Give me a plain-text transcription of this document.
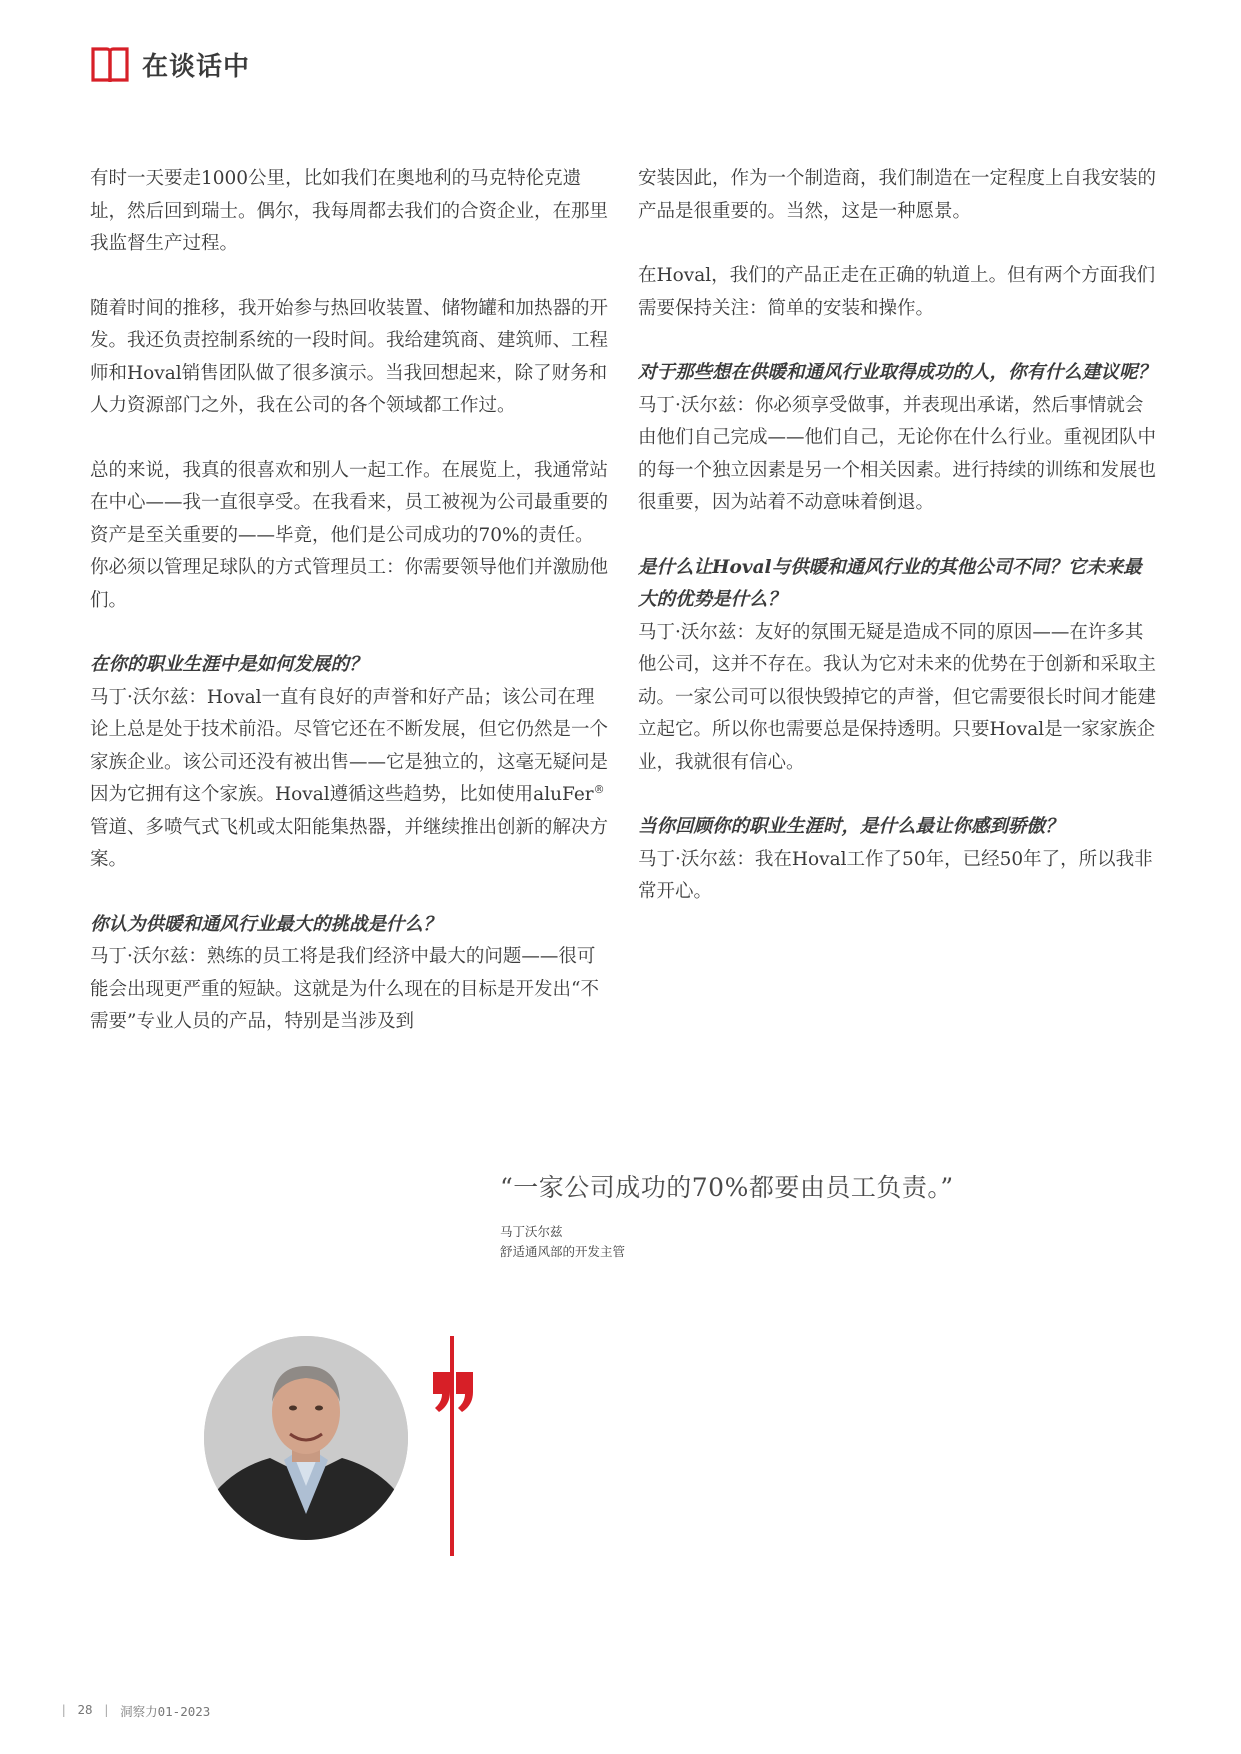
在谈话中

有时一天要走1000公里，比如我们在奥地利的马克特伦克遗址，然后回到瑞士。偶尔，我每周都去我们的合资企业，在那里我监督生产过程。

随着时间的推移，我开始参与热回收装置、储物罐和加热器的开发。我还负责控制系统的一段时间。我给建筑商、建筑师、工程师和Hoval销售团队做了很多演示。当我回想起来，除了财务和人力资源部门之外，我在公司的各个领域都工作过。

总的来说，我真的很喜欢和别人一起工作。在展览上，我通常站在中心——我一直很享受。在我看来，员工被视为公司最重要的资产是至关重要的——毕竟，他们是公司成功的70%的责任。你必须以管理足球队的方式管理员工：你需要领导他们并激励他们。

在你的职业生涯中是如何发展的？

马丁·沃尔兹：Hoval一直有良好的声誉和好产品；该公司在理论上总是处于技术前沿。尽管它还在不断发展，但它仍然是一个家族企业。该公司还没有被出售——它是独立的，这毫无疑问是因为它拥有这个家族。Hoval遵循这些趋势，比如使用aluFer®管道、多喷气式飞机或太阳能集热器，并继续推出创新的解决方案。

你认为供暖和通风行业最大的挑战是什么？

马丁·沃尔兹：熟练的员工将是我们经济中最大的问题——很可能会出现更严重的短缺。这就是为什么现在的目标是开发出“不需要”专业人员的产品，特别是当涉及到

安装因此，作为一个制造商，我们制造在一定程度上自我安装的产品是很重要的。当然，这是一种愿景。

在Hoval，我们的产品正走在正确的轨道上。但有两个方面我们需要保持关注：简单的安装和操作。

对于那些想在供暖和通风行业取得成功的人，你有什么建议呢？

马丁·沃尔兹：你必须享受做事，并表现出承诺，然后事情就会由他们自己完成——他们自己，无论你在什么行业。重视团队中的每一个独立因素是另一个相关因素。进行持续的训练和发展也很重要，因为站着不动意味着倒退。

是什么让Hoval与供暖和通风行业的其他公司不同？它未来最大的优势是什么？

马丁·沃尔兹：友好的氛围无疑是造成不同的原因——在许多其他公司，这并不存在。我认为它对未来的优势在于创新和采取主动。一家公司可以很快毁掉它的声誉，但它需要很长时间才能建立起它。所以你也需要总是保持透明。只要Hoval是一家家族企业，我就很有信心。

当你回顾你的职业生涯时，是什么最让你感到骄傲？

马丁·沃尔兹：我在Hoval工作了50年，已经50年了，所以我非常开心。

“一家公司成功的70%都要由员工负责。”
马丁沃尔兹
舒适通风部的开发主管
| 28 | 洞察力01-2023
